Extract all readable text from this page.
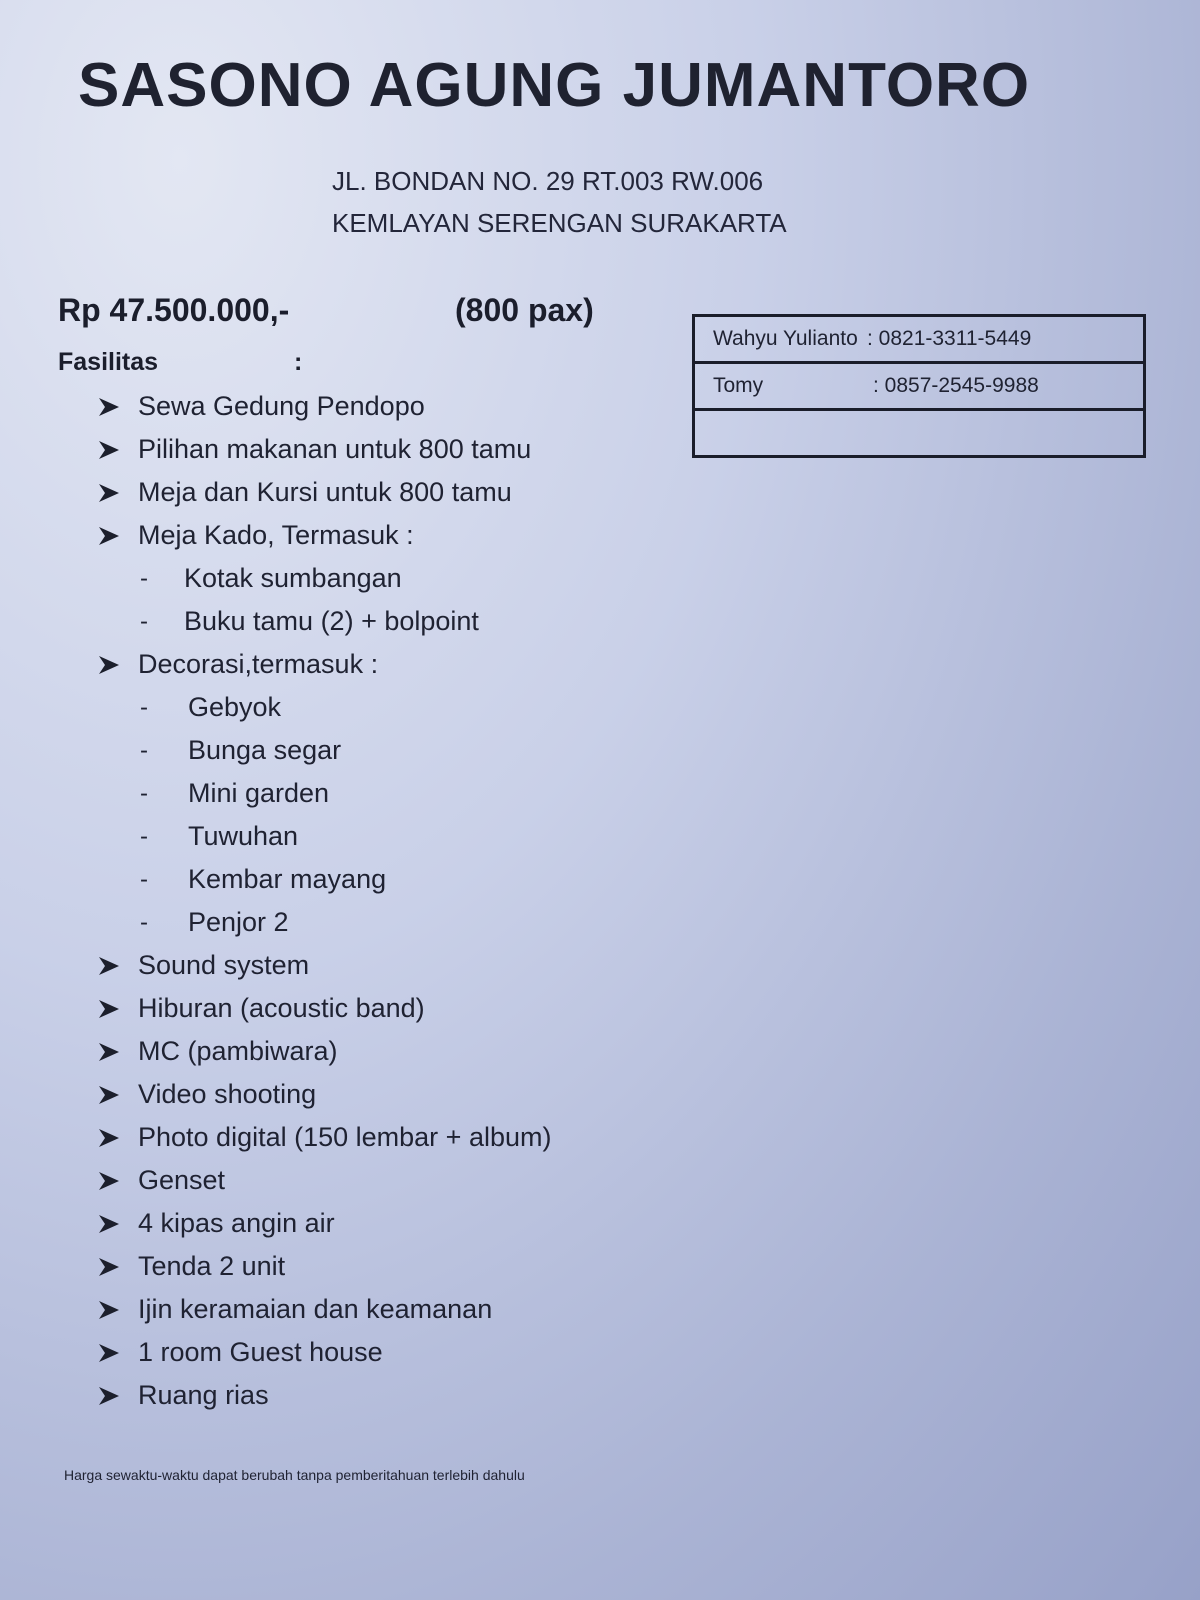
SASONO AGUNG JUMANTORO
JL. BONDAN NO. 29 RT.003 RW.006
KEMLAYAN SERENGAN SURAKARTA
Rp 47.500.000,-	(800 pax)
Fasilitas	:
Sewa Gedung Pendopo
Pilihan makanan untuk 800 tamu
Meja dan Kursi untuk 800 tamu
Meja Kado, Termasuk :
-	Kotak sumbangan
-	Buku tamu (2) + bolpoint
Decorasi,termasuk :
-	Gebyok
-	Bunga segar
-	Mini garden
-	Tuwuhan
-	Kembar mayang
-	Penjor 2
Sound system
Hiburan (acoustic band)
MC (pambiwara)
Video shooting
Photo digital (150 lembar + album)
Genset
4 kipas angin air
Tenda 2 unit
Ijin keramaian dan keamanan
1 room Guest house
Ruang rias
Wahyu Yulianto : 0821-3311-5449
Tomy	: 0857-2545-9988
Harga sewaktu-waktu dapat berubah tanpa pemberitahuan terlebih dahulu
